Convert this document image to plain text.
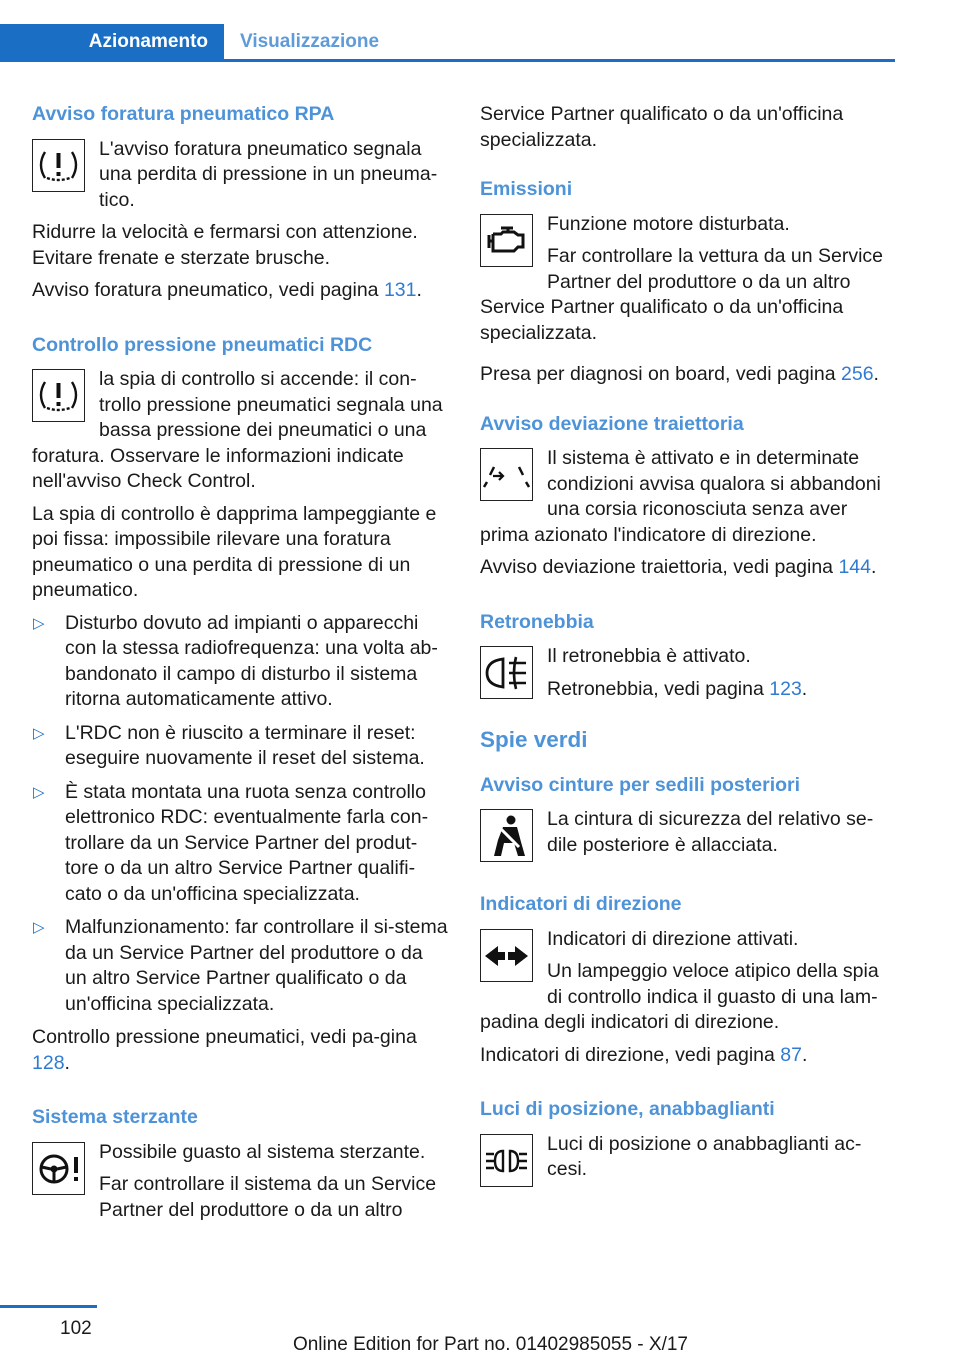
Azionamento	Visualizzazione
Avviso foratura pneumatico RPA
L'avviso foratura pneumatico segnala una perdita di pressione in un pneuma-tico.
Ridurre la velocità e fermarsi con attenzione. Evitare frenate e sterzate brusche.
Avviso foratura pneumatico, vedi pagina 131.
Controllo pressione pneumatici RDC
la spia di controllo si accende: il con-trollo pressione pneumatici segnala una bassa pressione dei pneumatici o una foratura. Osservare le informazioni indicate nell'avviso Check Control.
La spia di controllo è dapprima lampeggiante e poi fissa: impossibile rilevare una foratura pneumatico o una perdita di pressione di un pneumatico.
▷ Disturbo dovuto ad impianti o apparecchi con la stessa radiofrequenza: una volta ab-bandonato il campo di disturbo il sistema ritorna automaticamente attivo.
▷ L'RDC non è riuscito a terminare il reset: eseguire nuovamente il reset del sistema.
▷ È stata montata una ruota senza controllo elettronico RDC: eventualmente farla con-trollare da un Service Partner del produt-tore o da un altro Service Partner qualifi-cato o da un'officina specializzata.
▷ Malfunzionamento: far controllare il si-stema da un Service Partner del produttore o da un altro Service Partner qualificato o da un'officina specializzata.
Controllo pressione pneumatici, vedi pa-gina 128.
Sistema sterzante
Possibile guasto al sistema sterzante.
Far controllare il sistema da un Service Partner del produttore o da un altro
Service Partner qualificato o da un'officina specializzata.
Emissioni
Funzione motore disturbata.
Far controllare la vettura da un Service Partner del produttore o da un altro Service Partner qualificato o da un'officina specializzata.
Presa per diagnosi on board, vedi pagina 256.
Avviso deviazione traiettoria
Il sistema è attivato e in determinate condizioni avvisa qualora si abbandoni una corsia riconosciuta senza aver prima azionato l'indicatore di direzione.
Avviso deviazione traiettoria, vedi pagina 144.
Retronebbia
Il retronebbia è attivato.
Retronebbia, vedi pagina 123.
Spie verdi
Avviso cinture per sedili posteriori
La cintura di sicurezza del relativo se-dile posteriore è allacciata.
Indicatori di direzione
Indicatori di direzione attivati.
Un lampeggio veloce atipico della spia di controllo indica il guasto di una lam-padina degli indicatori di direzione.
Indicatori di direzione, vedi pagina 87.
Luci di posizione, anabbaglianti
Luci di posizione o anabbaglianti ac-cesi.
102
Online Edition for Part no. 01402985055 - X/17
